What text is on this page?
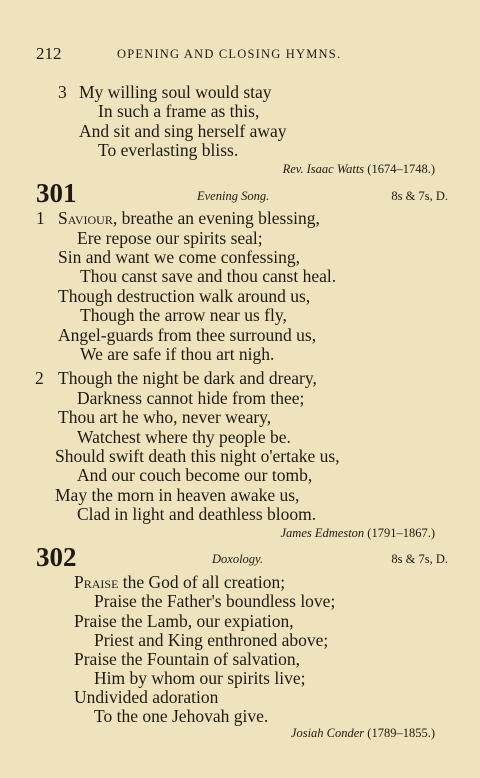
212	OPENING AND CLOSING HYMNS.
3 My willing soul would stay
In such a frame as this,
And sit and sing herself away
To everlasting bliss.
Rev. Isaac Watts (1674–1748.)
301	Evening Song.	8s & 7s, D.
1 Saviour, breathe an evening blessing,
Ere repose our spirits seal;
Sin and want we come confessing,
Thou canst save and thou canst heal.
Though destruction walk around us,
Though the arrow near us fly,
Angel-guards from thee surround us,
We are safe if thou art nigh.
2 Though the night be dark and dreary,
Darkness cannot hide from thee;
Thou art he who, never weary,
Watchest where thy people be.
Should swift death this night o'ertake us,
And our couch become our tomb,
May the morn in heaven awake us,
Clad in light and deathless bloom.
James Edmeston (1791–1867.)
302	Doxology.	8s & 7s, D.
Praise the God of all creation;
Praise the Father's boundless love;
Praise the Lamb, our expiation,
Priest and King enthroned above;
Praise the Fountain of salvation,
Him by whom our spirits live;
Undivided adoration
To the one Jehovah give.
Josiah Conder (1789–1855.)
